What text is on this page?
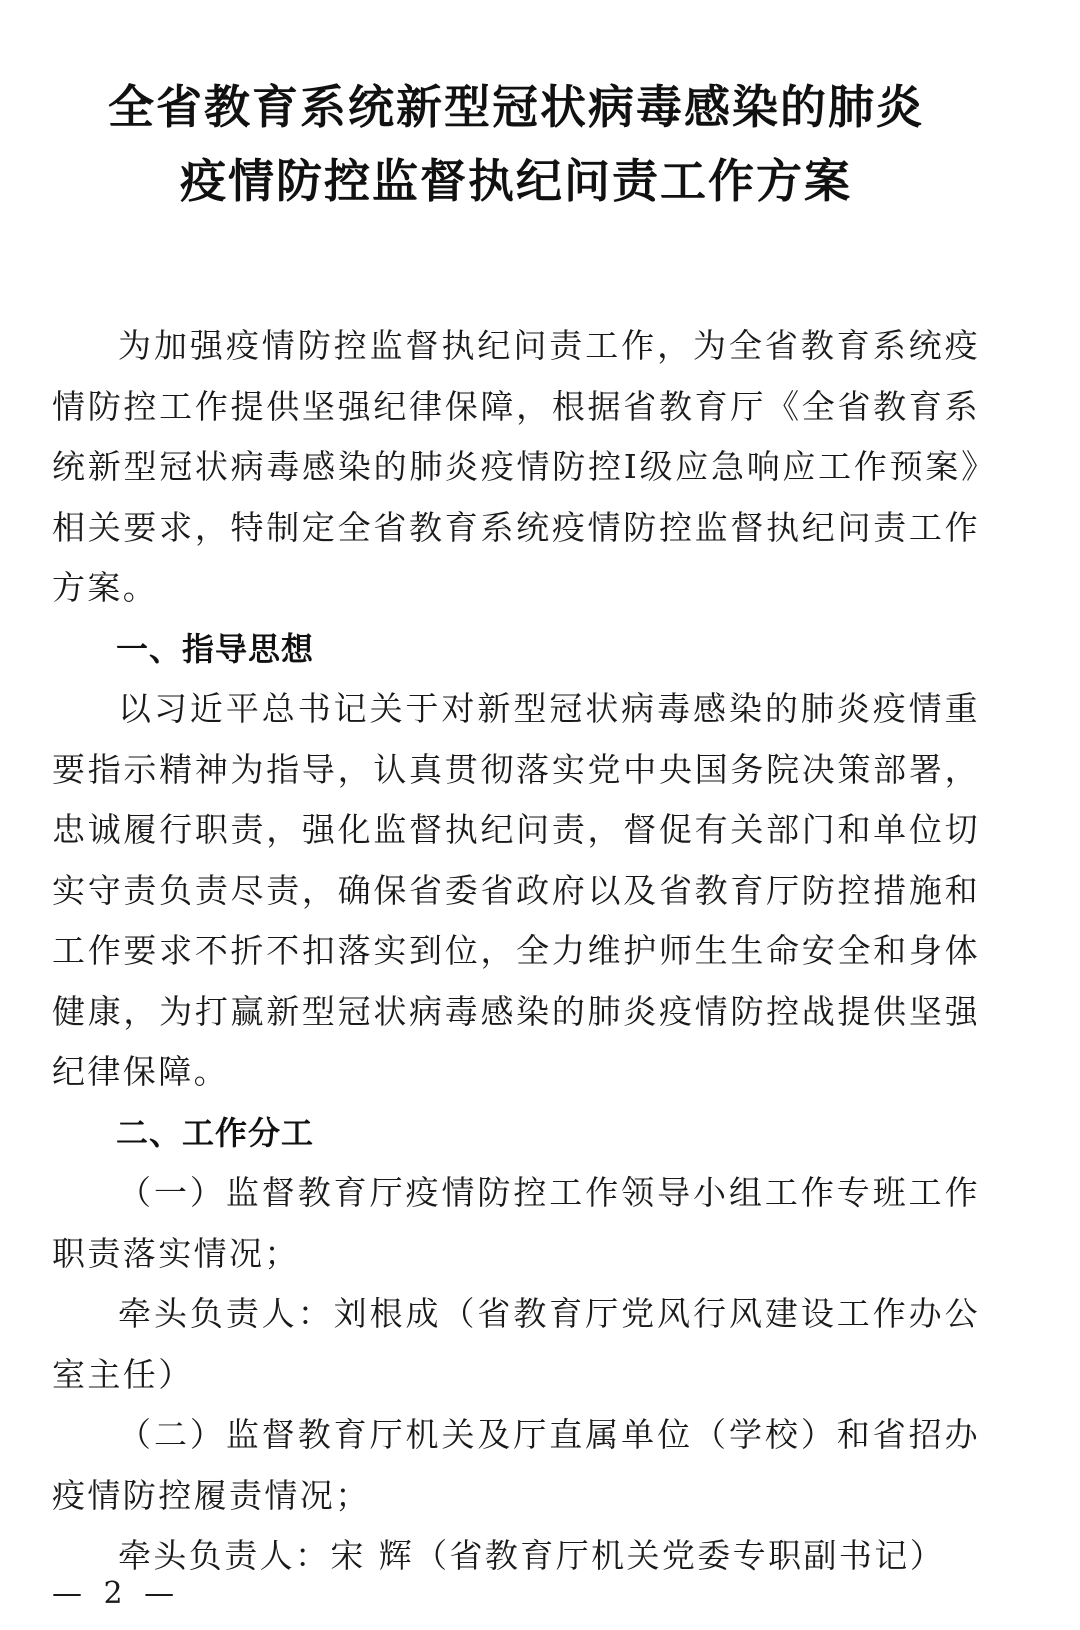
全省教育系统新型冠状病毒感染的肺炎
疫情防控监督执纪问责工作方案

为加强疫情防控监督执纪问责工作，为全省教育系统疫情防控工作提供坚强纪律保障，根据省教育厅《全省教育系统新型冠状病毒感染的肺炎疫情防控Ⅰ级应急响应工作预案》相关要求，特制定全省教育系统疫情防控监督执纪问责工作方案。

一、指导思想

以习近平总书记关于对新型冠状病毒感染的肺炎疫情重要指示精神为指导，认真贯彻落实党中央国务院决策部署，忠诚履行职责，强化监督执纪问责，督促有关部门和单位切实守责负责尽责，确保省委省政府以及省教育厅防控措施和工作要求不折不扣落实到位，全力维护师生生命安全和身体健康，为打赢新型冠状病毒感染的肺炎疫情防控战提供坚强纪律保障。

二、工作分工

（一）监督教育厅疫情防控工作领导小组工作专班工作职责落实情况；

牵头负责人：刘根成（省教育厅党风行风建设工作办公室主任）

（二）监督教育厅机关及厅直属单位（学校）和省招办疫情防控履责情况；

牵头负责人：宋 辉（省教育厅机关党委专职副书记）

— 2 —
